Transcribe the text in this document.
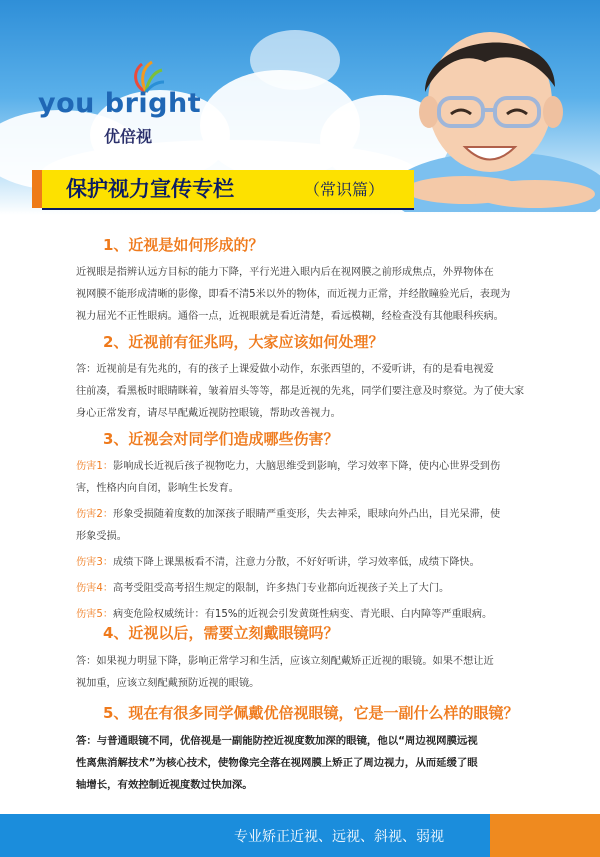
you bright
优倍视
保护视力宣传专栏	（常识篇）
1、近视是如何形成的？
近视眼是指辨认远方目标的能力下降，平行光进入眼内后在视网膜之前形成焦点，外界物体在
视网膜不能形成清晰的影像，即看不清5米以外的物体，而近视力正常，并经散瞳验光后，表现为
视力屈光不正性眼病。通俗一点，近视眼就是看近清楚，看远模糊，经检查没有其他眼科疾病。
2、近视前有征兆吗，大家应该如何处理？
答：近视前是有先兆的，有的孩子上课爱做小动作，东张西望的，不爱听讲，有的是看电视爱
往前凑，看黑板时眼睛眯着，皱着眉头等等，都是近视的先兆，同学们要注意及时察觉。为了使大家
身心正常发育，请尽早配戴近视防控眼镜，帮助改善视力。
3、近视会对同学们造成哪些伤害？
伤害1：影响成长近视后孩子视物吃力，大脑思维受到影响，学习效率下降，使内心世界受到伤
害，性格内向自闭，影响生长发育。
伤害2：形象受损随着度数的加深孩子眼睛严重变形，失去神采，眼球向外凸出，目光呆滞，使
形象受损。
伤害3：成绩下降上课黑板看不清，注意力分散，不好好听讲，学习效率低，成绩下降快。
伤害4：高考受阻受高考招生规定的限制，许多热门专业都向近视孩子关上了大门。
伤害5：病变危险权威统计：有15%的近视会引发黄斑性病变、青光眼、白内障等严重眼病。
4、近视以后，需要立刻戴眼镜吗？
答：如果视力明显下降，影响正常学习和生活，应该立刻配戴矫正近视的眼镜。如果不想让近
视加重，应该立刻配戴预防近视的眼镜。
5、现在有很多同学佩戴优倍视眼镜，它是一副什么样的眼镜？
答：与普通眼镜不同，优倍视是一副能防控近视度数加深的眼镜，他以“周边视网膜远视
性离焦消解技术”为核心技术，使物像完全落在视网膜上矫正了周边视力，从而延缓了眼
轴增长，有效控制近视度数过快加深。
专业矫正近视、远视、斜视、弱视
